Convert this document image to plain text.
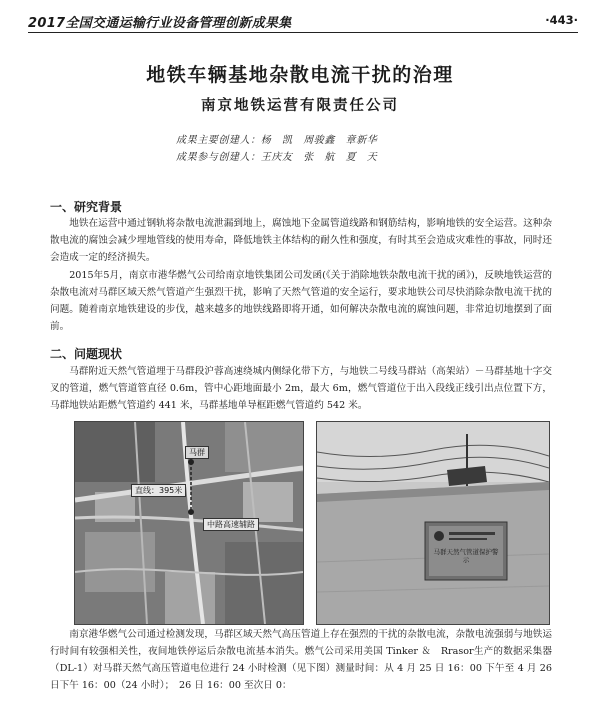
2017全国交通运输行业设备管理创新成果集	·443·
地铁车辆基地杂散电流干扰的治理
南京地铁运营有限责任公司
成果主要创建人：杨　凯　周骏鑫　章新华
成果参与创建人：王庆友　张　航　夏　天
一、研究背景

地铁在运营中通过钢轨将杂散电流泄漏到地上，腐蚀地下金属管道线路和钢筋结构，影响地铁的安全运营。这种杂散电流的腐蚀会减少埋地管线的使用寿命，降低地铁主体结构的耐久性和强度，有时其至会造成灾难性的事故，同时还会造成一定的经济损失。

2015年5月，南京市港华燃气公司给南京地铁集团公司发函(《关于消除地铁杂散电流干扰的函》)，反映地铁运营的杂散电流对马群区域天然气管道产生强烈干扰，影响了天然气管道的安全运行，要求地铁公司尽快消除杂散电流干扰的问题。随着南京地铁建设的步伐，越来越多的地铁线路即将开通，如何解决杂散电流的腐蚀问题，非常迫切地摆到了面前。

二、问题现状

马群附近天然气管道埋于马群段沪蓉高速绕城内侧绿化带下方，与地铁二号线马群站（高架站）－马群基地十字交叉的管道，燃气管道管直径 0.6m，管中心距地面最小 2m，最大 6m，燃气管道位于出入段线正线引出点位置下方，马群地铁站距燃气管道约 441 米，马群基地单导框距燃气管道约 542 米。

马群
直线：395米
中路高速辅路
马群天然气管道保护警示

南京港华燃气公司通过检测发现，马群区域天然气高压管道上存在强烈的干扰的杂散电流，杂散电流强弱与地铁运行时间有较强相关性，夜间地铁停运后杂散电流基本消失。燃气公司采用美国 Tinker ＆　Rrasor生产的数据采集器（DL-1）对马群天然气高压管道电位进行 24 小时检测（见下图）测量时间：从 4 月 25 日 16：00 下午至 4 月 26 日下午 16：00（24 小时）；　26 日 16：00 至次日 0：
